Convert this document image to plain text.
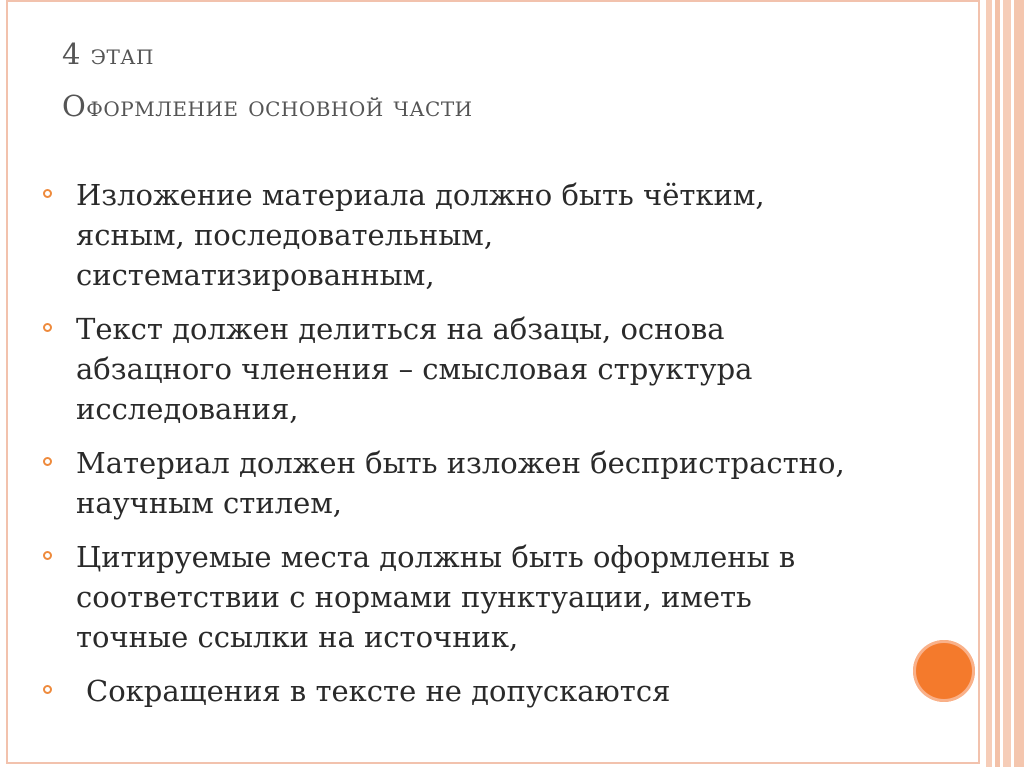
4 этап
Оформление основной части
Изложение материала должно быть чётким,
ясным, последовательным,
систематизированным,
Текст должен делиться на абзацы, основа
абзацного членения – смысловая структура
исследования,
Материал должен быть изложен беспристрастно,
научным стилем,
Цитируемые места должны быть оформлены в
соответствии с нормами пунктуации, иметь
точные ссылки на источник,
Сокращения в тексте не допускаются
